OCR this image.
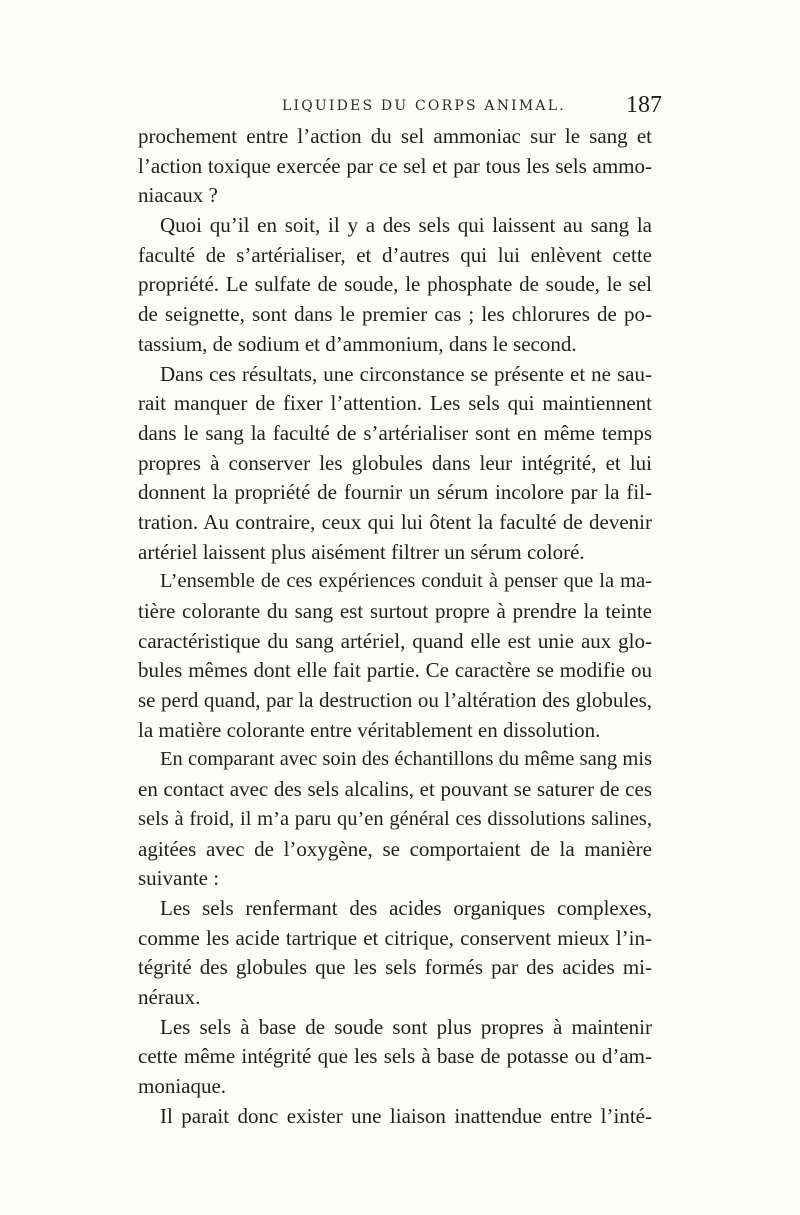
LIQUIDES DU CORPS ANIMAL.	187
prochement entre l’action du sel ammoniac sur le sang et
l’action toxique exercée par ce sel et par tous les sels ammo-
niacaux ?
Quoi qu’il en soit, il y a des sels qui laissent au sang la
faculté de s’artérialiser, et d’autres qui lui enlèvent cette
propriété. Le sulfate de soude, le phosphate de soude, le sel
de seignette, sont dans le premier cas ; les chlorures de po-
tassium, de sodium et d’ammonium, dans le second.
Dans ces résultats, une circonstance se présente et ne sau-
rait manquer de fixer l’attention. Les sels qui maintiennent
dans le sang la faculté de s’artérialiser sont en même temps
propres à conserver les globules dans leur intégrité, et lui
donnent la propriété de fournir un sérum incolore par la fil-
tration. Au contraire, ceux qui lui ôtent la faculté de devenir
artériel laissent plus aisément filtrer un sérum coloré.
L’ensemble de ces expériences conduit à penser que la ma-
tière colorante du sang est surtout propre à prendre la teinte
caractéristique du sang artériel, quand elle est unie aux glo-
bules mêmes dont elle fait partie. Ce caractère se modifie ou
se perd quand, par la destruction ou l’altération des globules,
la matière colorante entre véritablement en dissolution.
En comparant avec soin des échantillons du même sang mis
en contact avec des sels alcalins, et pouvant se saturer de ces
sels à froid, il m’a paru qu’en général ces dissolutions salines,
agitées avec de l’oxygène, se comportaient de la manière
suivante :
Les sels renfermant des acides organiques complexes,
comme les acide tartrique et citrique, conservent mieux l’in-
tégrité des globules que les sels formés par des acides mi-
néraux.
Les sels à base de soude sont plus propres à maintenir
cette même intégrité que les sels à base de potasse ou d’am-
moniaque.
Il parait donc exister une liaison inattendue entre l’inté-
